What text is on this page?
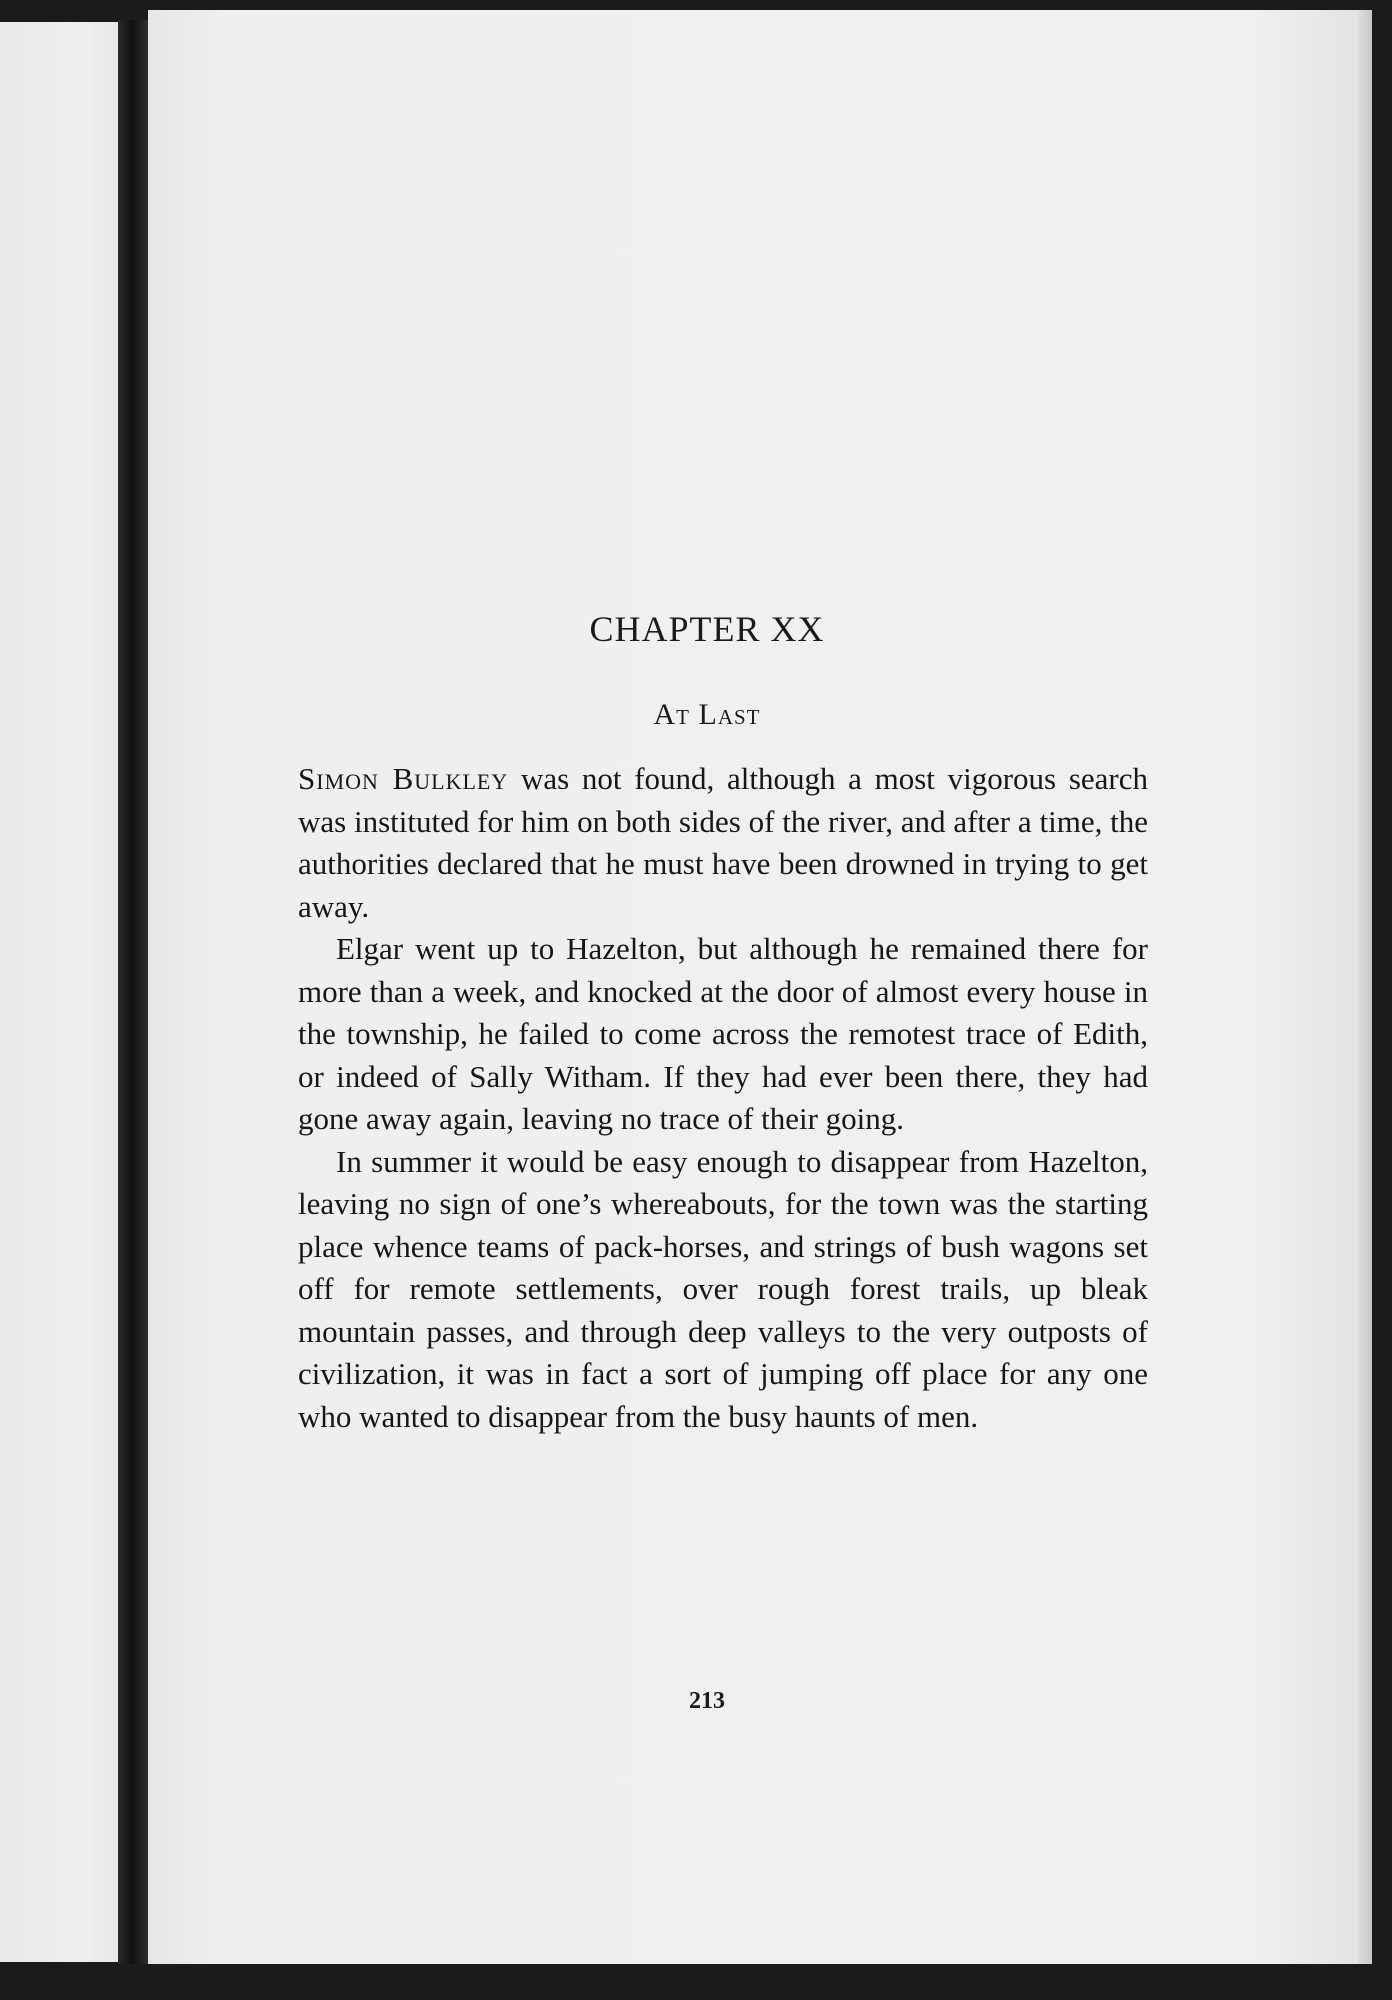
CHAPTER XX
At Last

Simon Bulkley was not found, although a most vigorous search was instituted for him on both sides of the river, and after a time, the authorities declared that he must have been drowned in trying to get away.

Elgar went up to Hazelton, but although he remained there for more than a week, and knocked at the door of almost every house in the township, he failed to come across the remotest trace of Edith, or indeed of Sally Witham. If they had ever been there, they had gone away again, leaving no trace of their going.

In summer it would be easy enough to disappear from Hazelton, leaving no sign of one’s whereabouts, for the town was the starting place whence teams of pack-horses, and strings of bush wagons set off for remote settlements, over rough forest trails, up bleak mountain passes, and through deep valleys to the very outposts of civilization, it was in fact a sort of jumping off place for any one who wanted to disappear from the busy haunts of men.

213
